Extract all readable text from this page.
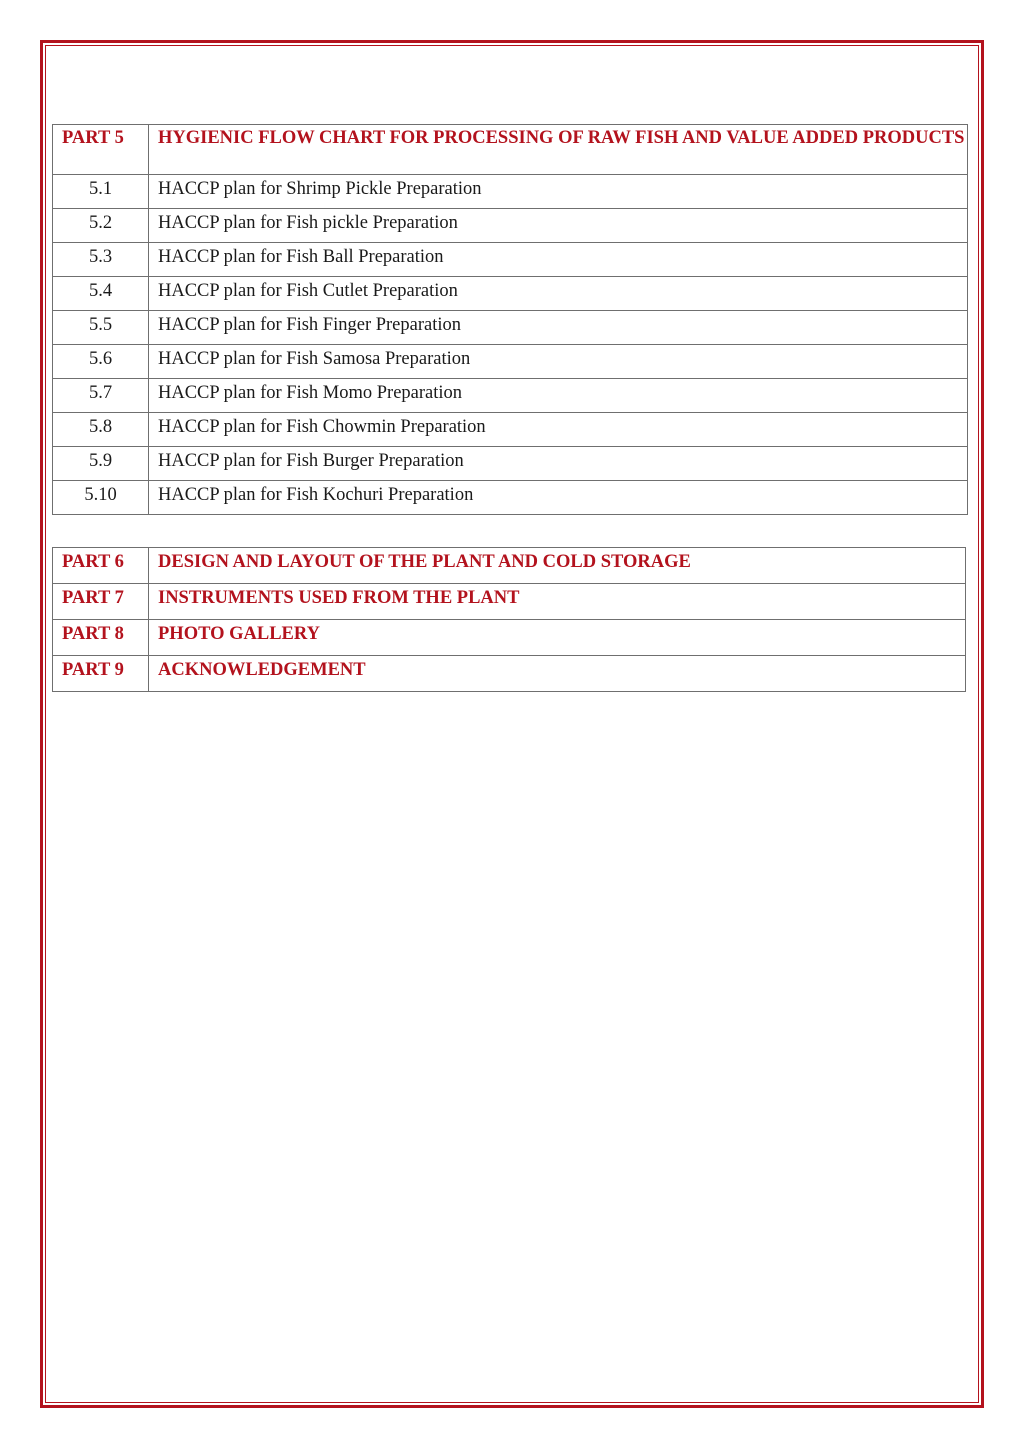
PART 5	HYGIENIC FLOW CHART FOR PROCESSING OF RAW FISH AND VALUE ADDED PRODUCTS
5.1	HACCP plan for Shrimp Pickle Preparation
5.2	HACCP plan for Fish pickle Preparation
5.3	HACCP plan for Fish Ball Preparation
5.4	HACCP plan for Fish Cutlet Preparation
5.5	HACCP plan for Fish Finger Preparation
5.6	HACCP plan for Fish Samosa Preparation
5.7	HACCP plan for Fish Momo Preparation
5.8	HACCP plan for Fish Chowmin Preparation
5.9	HACCP plan for Fish Burger Preparation
5.10	HACCP plan for Fish Kochuri Preparation
PART 6	DESIGN AND LAYOUT OF THE PLANT AND COLD STORAGE
PART 7	INSTRUMENTS USED FROM THE PLANT
PART 8	PHOTO GALLERY
PART 9	ACKNOWLEDGEMENT
